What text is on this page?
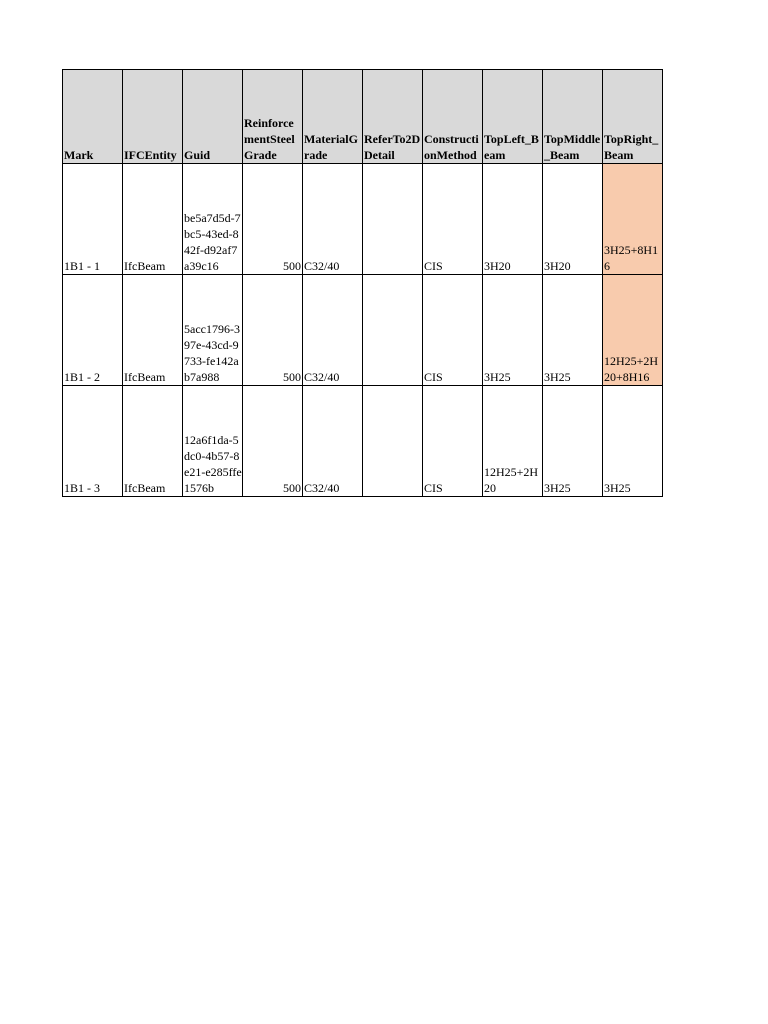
Mark	IFCEntity	Guid	ReinforcementSteelGrade	MaterialGrade	ReferTo2DDetail	ConstructionMethod	TopLeft_Beam	TopMiddle_Beam	TopRight_Beam
1B1 - 1	IfcBeam	be5a7d5d-7bc5-43ed-842f-d92af7a39c16	500	C32/40		CIS	3H20	3H20	3H25+8H16
1B1 - 2	IfcBeam	5acc1796-397e-43cd-9733-fe142ab7a988	500	C32/40		CIS	3H25	3H25	12H25+2H20+8H16
1B1 - 3	IfcBeam	12a6f1da-5dc0-4b57-8e21-e285ffe1576b	500	C32/40		CIS	12H25+2H20	3H25	3H25
